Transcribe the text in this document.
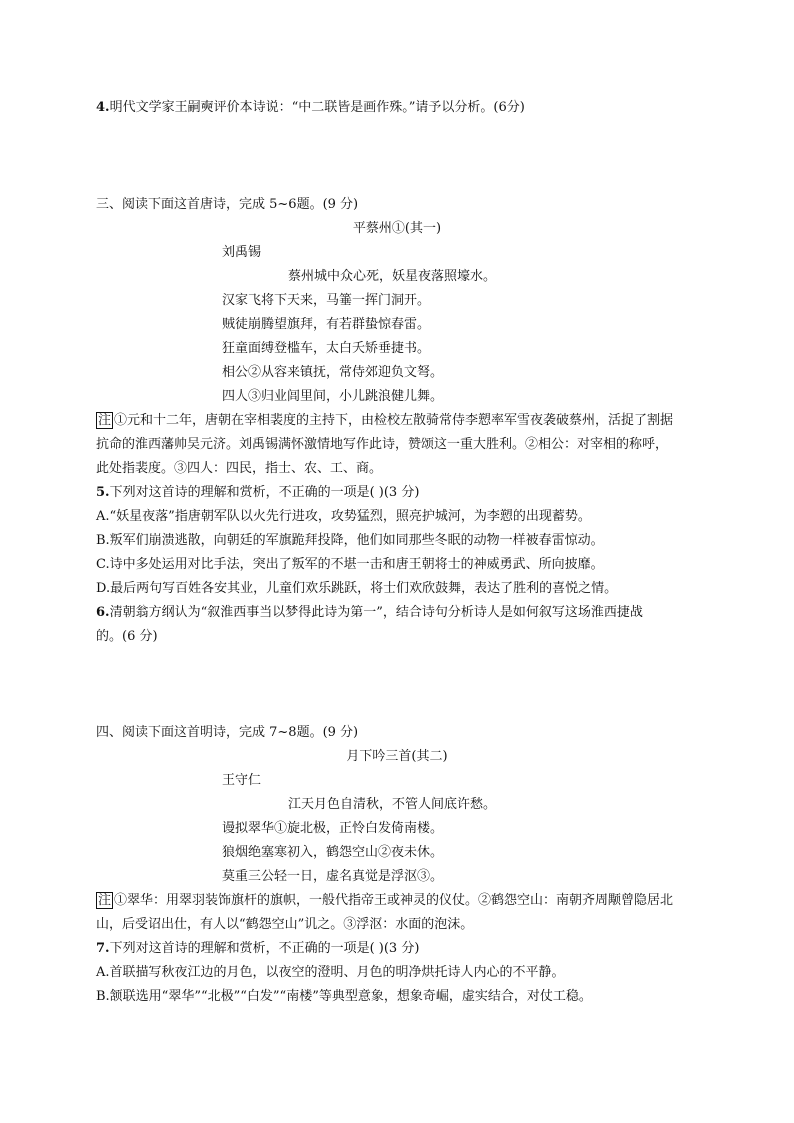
4.明代文学家王嗣奭评价本诗说：“中二联皆是画作殊。”请予以分析。(6分)
三、阅读下面这首唐诗，完成 5~6题。(9 分)
平蔡州①(其一)
刘禹锡
蔡州城中众心死，妖星夜落照壕水。
汉家飞将下天来，马箠一挥门洞开。
贼徒崩腾望旗拜，有若群蛰惊春雷。
狂童面缚登槛车，太白夭矫垂捷书。
相公②从容来镇抚，常侍郊迎负文弩。
四人③归业闾里间，小儿跳浪健儿舞。
注 ①元和十二年，唐朝在宰相裴度的主持下，由检校左散骑常侍李愬率军雪夜袭破蔡州，活捉了割据
抗命的淮西藩帅吴元济。刘禹锡满怀激情地写作此诗，赞颂这一重大胜利。②相公：对宰相的称呼，
此处指裴度。③四人：四民，指士、农、工、商。
5.下列对这首诗的理解和赏析，不正确的一项是( )(3 分)
A.“妖星夜落”指唐朝军队以火先行进攻，攻势猛烈，照亮护城河，为李愬的出现蓄势。
B.叛军们崩溃逃散，向朝廷的军旗跪拜投降，他们如同那些冬眠的动物一样被春雷惊动。
C.诗中多处运用对比手法，突出了叛军的不堪一击和唐王朝将士的神威勇武、所向披靡。
D.最后两句写百姓各安其业，儿童们欢乐跳跃，将士们欢欣鼓舞，表达了胜利的喜悦之情。
6.清朝翁方纲认为“叙淮西事当以梦得此诗为第一”，结合诗句分析诗人是如何叙写这场淮西捷战
的。(6 分)
四、阅读下面这首明诗，完成 7~8题。(9 分)
月下吟三首(其二)
王守仁
江天月色自清秋，不管人间底许愁。
谩拟翠华①旋北极，正怜白发倚南楼。
狼烟绝塞寒初入，鹤怨空山②夜未休。
莫重三公轻一日，虚名真觉是浮沤③。
注 ①翠华：用翠羽装饰旗杆的旗帜，一般代指帝王或神灵的仪仗。②鹤怨空山：南朝齐周颙曾隐居北
山，后受诏出仕，有人以“鹤怨空山”讥之。③浮沤：水面的泡沫。
7.下列对这首诗的理解和赏析，不正确的一项是( )(3 分)
A.首联描写秋夜江边的月色，以夜空的澄明、月色的明净烘托诗人内心的不平静。
B.颔联选用“翠华”“北极”“白发”“南楼”等典型意象，想象奇崛，虚实结合，对仗工稳。
